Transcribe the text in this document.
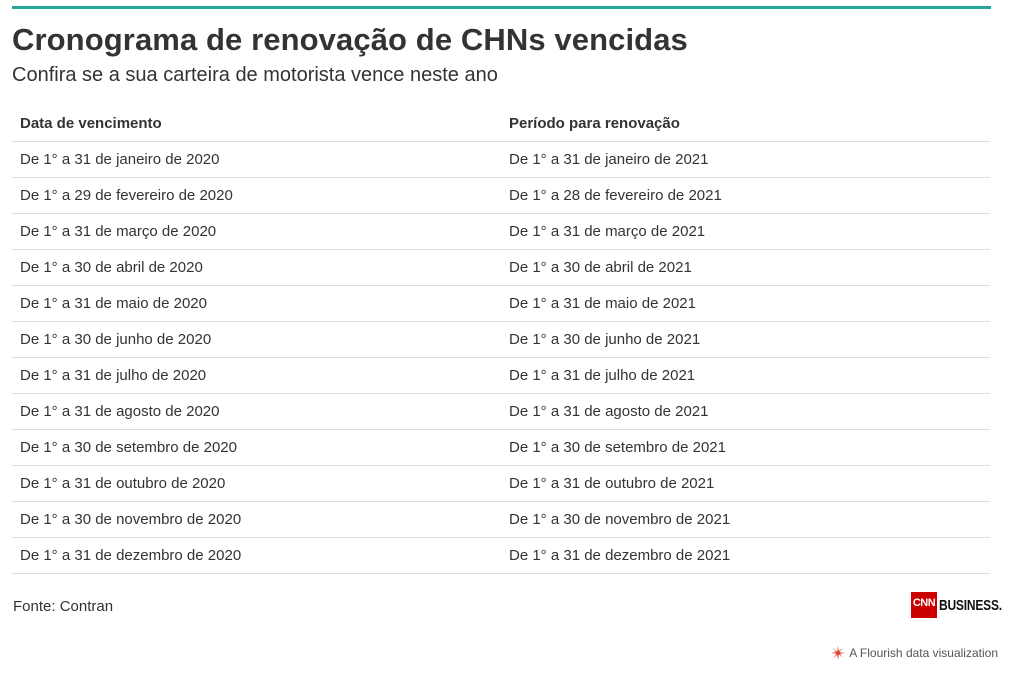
Cronograma de renovação de CHNs vencidas
Confira se a sua carteira de motorista vence neste ano
Data de vencimento	Período para renovação
De 1° a 31 de janeiro de 2020	De 1° a 31 de janeiro de 2021
De 1° a 29 de fevereiro de 2020	De 1° a 28 de fevereiro de 2021
De 1° a 31 de março de 2020	De 1° a 31 de março de 2021
De 1° a 30 de abril de 2020	De 1° a 30 de abril de 2021
De 1° a 31 de maio de 2020	De 1° a 31 de maio de 2021
De 1° a 30 de junho de 2020	De 1° a 30 de junho de 2021
De 1° a 31 de julho de 2020	De 1° a 31 de julho de 2021
De 1° a 31 de agosto de 2020	De 1° a 31 de agosto de 2021
De 1° a 30 de setembro de 2020	De 1° a 30 de setembro de 2021
De 1° a 31 de outubro de 2020	De 1° a 31 de outubro de 2021
De 1° a 30 de novembro de 2020	De 1° a 30 de novembro de 2021
De 1° a 31 de dezembro de 2020	De 1° a 31 de dezembro de 2021
Fonte: Contran	CNN BUSINESS.
A Flourish data visualization
